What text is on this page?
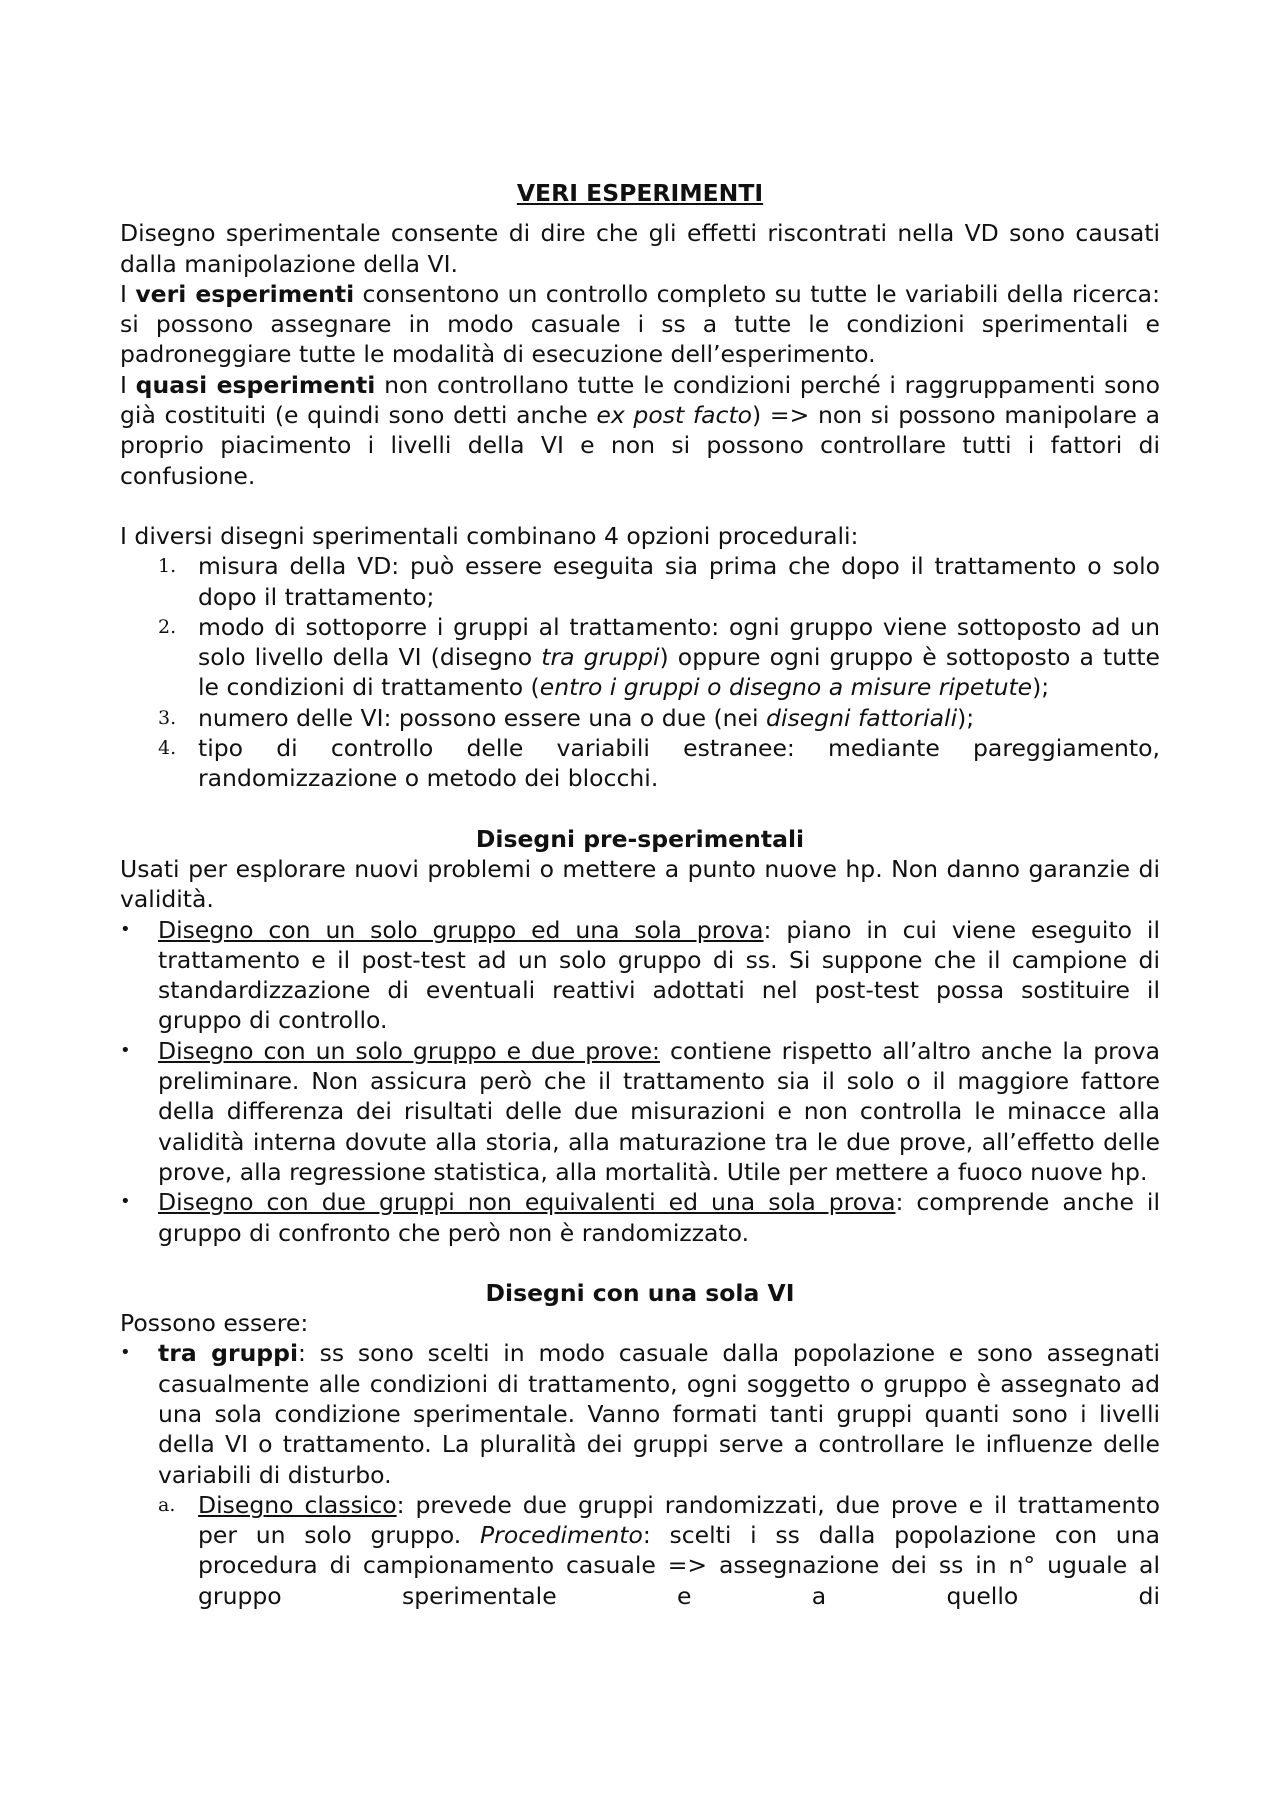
VERI ESPERIMENTI

Disegno sperimentale consente di dire che gli effetti riscontrati nella VD sono causati dalla manipolazione della VI.

I veri esperimenti consentono un controllo completo su tutte le variabili della ricerca: si possono assegnare in modo casuale i ss a tutte le condizioni sperimentali e padroneggiare tutte le modalità di esecuzione dell’esperimento.

I quasi esperimenti non controllano tutte le condizioni perché i raggruppamenti sono già costituiti (e quindi sono detti anche ex post facto) => non si possono manipolare a proprio piacimento i livelli della VI e non si possono controllare tutti i fattori di confusione.

I diversi disegni sperimentali combinano 4 opzioni procedurali:

1. misura della VD: può essere eseguita sia prima che dopo il trattamento o solo dopo il trattamento;
2. modo di sottoporre i gruppi al trattamento: ogni gruppo viene sottoposto ad un solo livello della VI (disegno tra gruppi) oppure ogni gruppo è sottoposto a tutte le condizioni di trattamento (entro i gruppi o disegno a misure ripetute);
3. numero delle VI: possono essere una o due (nei disegni fattoriali);
4. tipo di controllo delle variabili estranee: mediante pareggiamento, randomizzazione o metodo dei blocchi.
Disegni pre-sperimentali

Usati per esplorare nuovi problemi o mettere a punto nuove hp. Non danno garanzie di validità.

• Disegno con un solo gruppo ed una sola prova: piano in cui viene eseguito il trattamento e il post-test ad un solo gruppo di ss. Si suppone che il campione di standardizzazione di eventuali reattivi adottati nel post-test possa sostituire il gruppo di controllo.
• Disegno con un solo gruppo e due prove: contiene rispetto all’altro anche la prova preliminare. Non assicura però che il trattamento sia il solo o il maggiore fattore della differenza dei risultati delle due misurazioni e non controlla le minacce alla validità interna dovute alla storia, alla maturazione tra le due prove, all’effetto delle prove, alla regressione statistica, alla mortalità. Utile per mettere a fuoco nuove hp.
• Disegno con due gruppi non equivalenti ed una sola prova: comprende anche il gruppo di confronto che però non è randomizzato.
Disegni con una sola VI

Possono essere:

• tra gruppi: ss sono scelti in modo casuale dalla popolazione e sono assegnati casualmente alle condizioni di trattamento, ogni soggetto o gruppo è assegnato ad una sola condizione sperimentale. Vanno formati tanti gruppi quanti sono i livelli della VI o trattamento. La pluralità dei gruppi serve a controllare le influenze delle variabili di disturbo.
a. Disegno classico: prevede due gruppi randomizzati, due prove e il trattamento per un solo gruppo. Procedimento: scelti i ss dalla popolazione con una procedura di campionamento casuale => assegnazione dei ss in n° uguale al gruppo sperimentale e a quello di
